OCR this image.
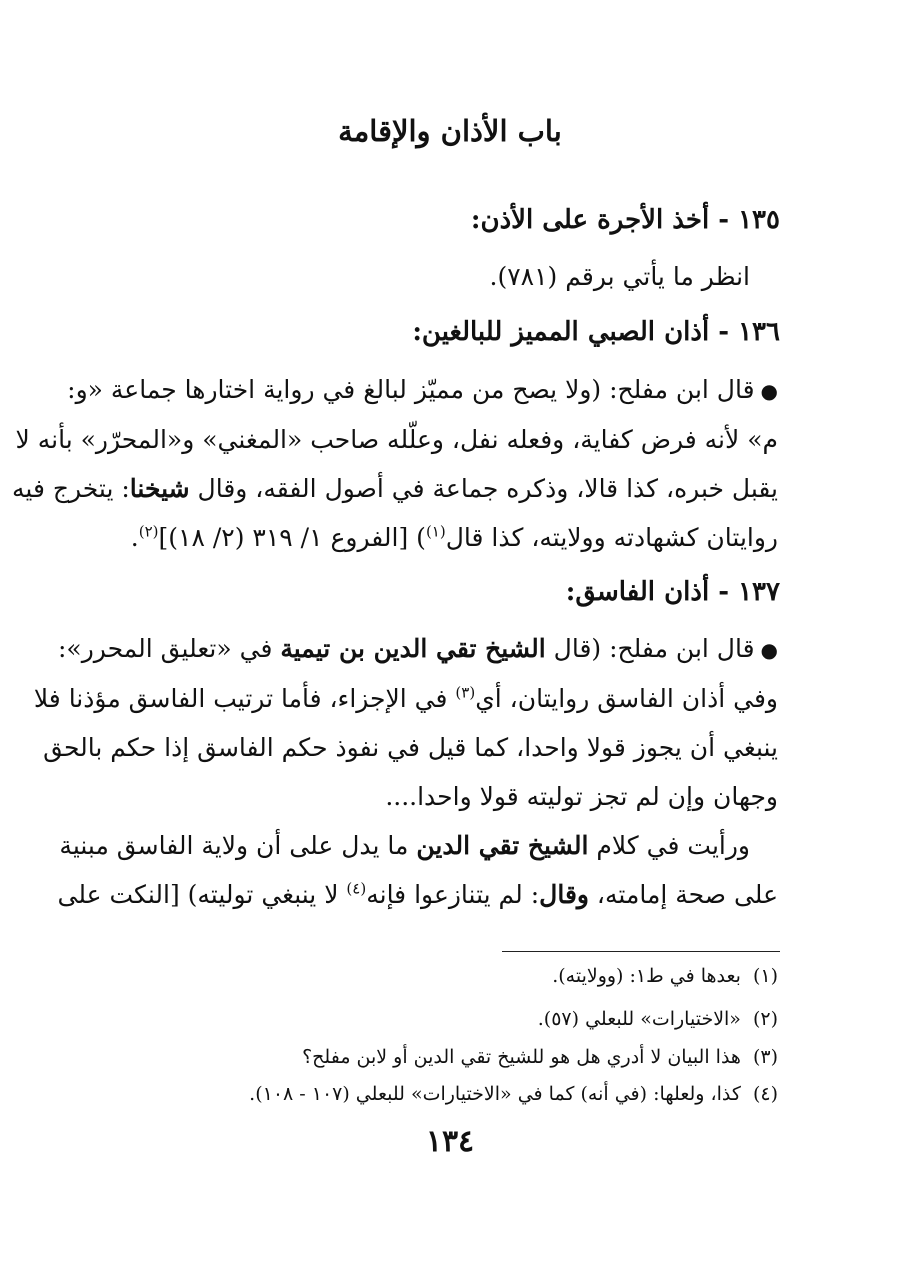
باب الأذان والإقامة
١٣٥ - أخذ الأجرة على الأذن:
انظر ما يأتي برقم (٧٨١).
١٣٦ - أذان الصبي المميز للبالغين:
●قال ابن مفلح: (ولا يصح من مميّز لبالغ في رواية اختارها جماعة «و:
م» لأنه فرض كفاية، وفعله نفل، وعلّله صاحب «المغني» و«المحرّر» بأنه لا
يقبل خبره، كذا قالا، وذكره جماعة في أصول الفقه، وقال شيخنا: يتخرج فيه
روايتان كشهادته وولايته، كذا قال$^{(١)}$) [الفروع ١/ ٣١٩ (٢/ ١٨)]$^{(٢)}$.
١٣٧ - أذان الفاسق:
●قال ابن مفلح: (قال الشيخ تقي الدين بن تيمية في «تعليق المحرر»:
وفي أذان الفاسق روايتان، أي$^{(٣)}$ في الإجزاء، فأما ترتيب الفاسق مؤذنا فلا
ينبغي أن يجوز قولا واحدا، كما قيل في نفوذ حكم الفاسق إذا حكم بالحق
وجهان وإن لم تجز توليته قولا واحدا....
ورأيت في كلام الشيخ تقي الدين ما يدل على أن ولاية الفاسق مبنية
على صحة إمامته، وقال: لم يتنازعوا فإنه$^{(٤)}$ لا ينبغي توليته) [النكت على
(١)بعدها في ط١: (وولايته).
(٢)«الاختيارات» للبعلي (٥٧).
(٣)هذا البيان لا أدري هل هو للشيخ تقي الدين أو لابن مفلح؟
(٤)كذا، ولعلها: (في أنه) كما في «الاختيارات» للبعلي (١٠٧ - ١٠٨).
١٣٤
